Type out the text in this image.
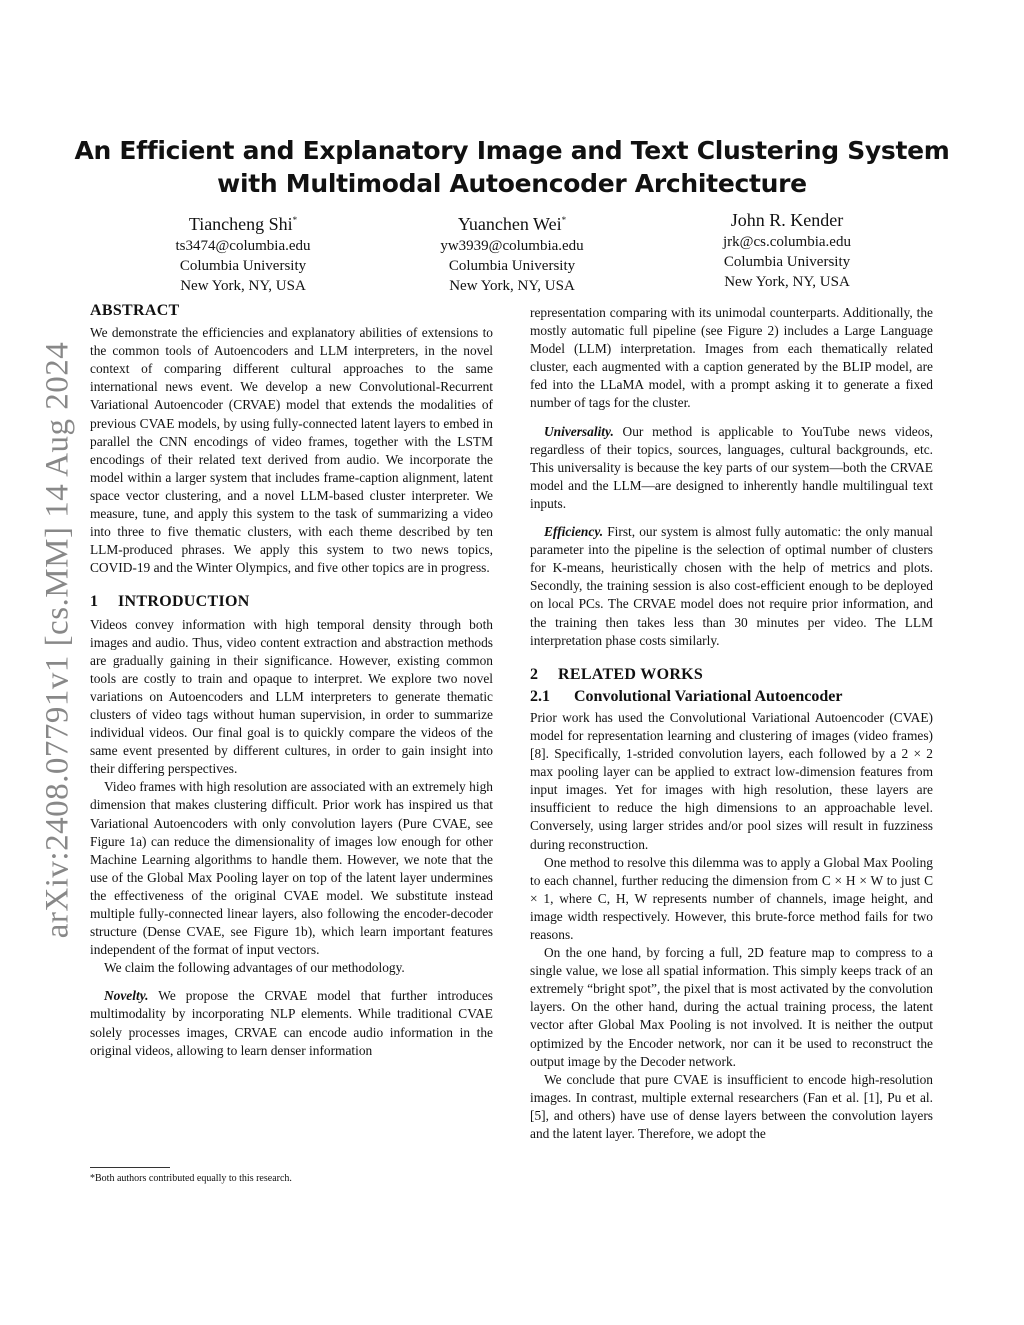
arXiv:2408.07791v1 [cs.MM] 14 Aug 2024
An Efficient and Explanatory Image and Text Clustering System
with Multimodal Autoencoder Architecture
Tiancheng Shi*
ts3474@columbia.edu
Columbia University
New York, NY, USA
Yuanchen Wei*
yw3939@columbia.edu
Columbia University
New York, NY, USA
John R. Kender
jrk@cs.columbia.edu
Columbia University
New York, NY, USA
ABSTRACT

We demonstrate the efficiencies and explanatory abilities of extensions to the common tools of Autoencoders and LLM interpreters, in the novel context of comparing different cultural approaches to the same international news event. We develop a new Convolutional-Recurrent Variational Autoencoder (CRVAE) model that extends the modalities of previous CVAE models, by using fully-connected latent layers to embed in parallel the CNN encodings of video frames, together with the LSTM encodings of their related text derived from audio. We incorporate the model within a larger system that includes frame-caption alignment, latent space vector clustering, and a novel LLM-based cluster interpreter. We measure, tune, and apply this system to the task of summarizing a video into three to five thematic clusters, with each theme described by ten LLM-produced phrases. We apply this system to two news topics, COVID-19 and the Winter Olympics, and five other topics are in progress.

1 INTRODUCTION

Videos convey information with high temporal density through both images and audio. Thus, video content extraction and abstraction methods are gradually gaining in their significance. However, existing common tools are costly to train and opaque to interpret. We explore two novel variations on Autoencoders and LLM interpreters to generate thematic clusters of video tags without human supervision, in order to summarize individual videos. Our final goal is to quickly compare the videos of the same event presented by different cultures, in order to gain insight into their differing perspectives.

Video frames with high resolution are associated with an extremely high dimension that makes clustering difficult. Prior work has inspired us that Variational Autoencoders with only convolution layers (Pure CVAE, see Figure 1a) can reduce the dimensionality of images low enough for other Machine Learning algorithms to handle them. However, we note that the use of the Global Max Pooling layer on top of the latent layer undermines the effectiveness of the original CVAE model. We substitute instead multiple fully-connected linear layers, also following the encoder-decoder structure (Dense CVAE, see Figure 1b), which learn important features independent of the format of input vectors.

We claim the following advantages of our methodology.

Novelty. We propose the CRVAE model that further introduces multimodality by incorporating NLP elements. While traditional CVAE solely processes images, CRVAE can encode audio information in the original videos, allowing to learn denser information

representation comparing with its unimodal counterparts. Additionally, the mostly automatic full pipeline (see Figure 2) includes a Large Language Model (LLM) interpretation. Images from each thematically related cluster, each augmented with a caption generated by the BLIP model, are fed into the LLaMA model, with a prompt asking it to generate a fixed number of tags for the cluster.

Universality. Our method is applicable to YouTube news videos, regardless of their topics, sources, languages, cultural backgrounds, etc. This universality is because the key parts of our system—both the CRVAE model and the LLM—are designed to inherently handle multilingual text inputs.

Efficiency. First, our system is almost fully automatic: the only manual parameter into the pipeline is the selection of optimal number of clusters for K-means, heuristically chosen with the help of metrics and plots. Secondly, the training session is also cost-efficient enough to be deployed on local PCs. The CRVAE model does not require prior information, and the training then takes less than 30 minutes per video. The LLM interpretation phase costs similarly.

2 RELATED WORKS
2.1 Convolutional Variational Autoencoder

Prior work has used the Convolutional Variational Autoencoder (CVAE) model for representation learning and clustering of images (video frames) [8]. Specifically, 1-strided convolution layers, each followed by a 2 × 2 max pooling layer can be applied to extract low-dimension features from input images. Yet for images with high resolution, these layers are insufficient to reduce the high dimensions to an approachable level. Conversely, using larger strides and/or pool sizes will result in fuzziness during reconstruction.

One method to resolve this dilemma was to apply a Global Max Pooling to each channel, further reducing the dimension from C × H × W to just C × 1, where C, H, W represents number of channels, image height, and image width respectively. However, this brute-force method fails for two reasons.

On the one hand, by forcing a full, 2D feature map to compress to a single value, we lose all spatial information. This simply keeps track of an extremely “bright spot”, the pixel that is most activated by the convolution layers. On the other hand, during the actual training process, the latent vector after Global Max Pooling is not involved. It is neither the output optimized by the Encoder network, nor can it be used to reconstruct the output image by the Decoder network.

We conclude that pure CVAE is insufficient to encode high-resolution images. In contrast, multiple external researchers (Fan et al. [1], Pu et al. [5], and others) have use of dense layers between the convolution layers and the latent layer. Therefore, we adopt the

*Both authors contributed equally to this research.
